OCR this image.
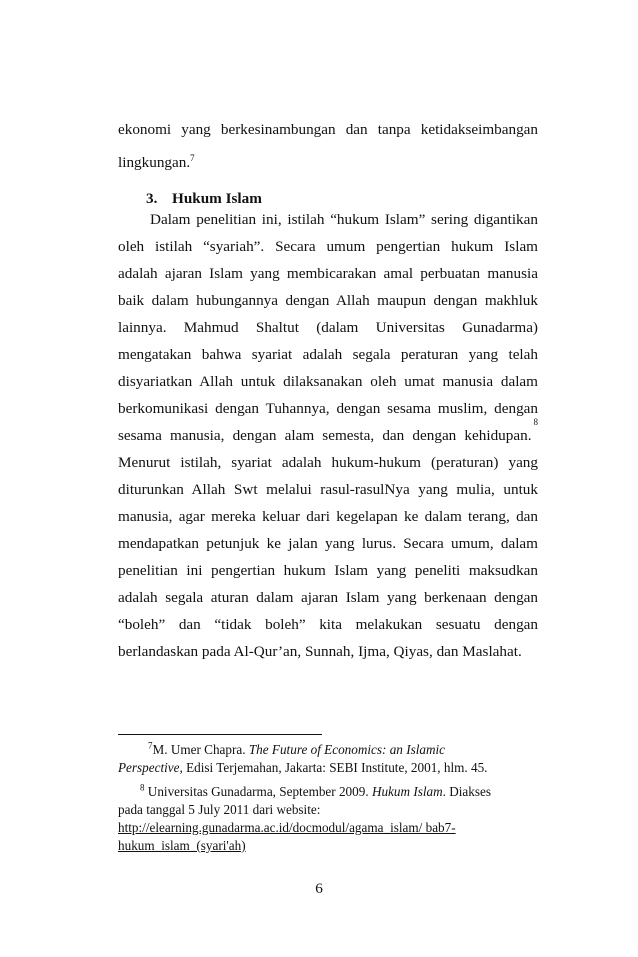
ekonomi yang berkesinambungan dan tanpa ketidakseimbangan
lingkungan.$^7$
3. Hukum Islam
Dalam penelitian ini, istilah “hukum Islam” sering digantikan
oleh istilah “syariah”. Secara umum pengertian hukum Islam
adalah ajaran Islam yang membicarakan amal perbuatan manusia
baik dalam hubungannya dengan Allah maupun dengan makhluk
lainnya. Mahmud Shaltut (dalam Universitas Gunadarma)
mengatakan bahwa syariat adalah segala peraturan yang telah
disyariatkan Allah untuk dilaksanakan oleh umat manusia dalam
berkomunikasi dengan Tuhannya, dengan sesama muslim, dengan
sesama manusia, dengan alam semesta, dan dengan kehidupan.
8
Menurut istilah, syariat adalah hukum-hukum (peraturan) yang
diturunkan Allah Swt melalui rasul-rasulNya yang mulia, untuk
manusia, agar mereka keluar dari kegelapan ke dalam terang, dan
mendapatkan petunjuk ke jalan yang lurus. Secara umum, dalam
penelitian ini pengertian hukum Islam yang peneliti maksudkan
adalah segala aturan dalam ajaran Islam yang berkenaan dengan
“boleh” dan “tidak boleh” kita melakukan sesuatu dengan
berlandaskan pada Al-Qur’an, Sunnah, Ijma, Qiyas, dan Maslahat.
$^7$M. Umer Chapra. The Future of Economics: an Islamic
Perspective, Edisi Terjemahan, Jakarta: SEBI Institute, 2001, hlm. 45.
$^8$ Universitas Gunadarma, September 2009. Hukum Islam. Diakses
pada tanggal 5 July 2011 dari website:
http://elearning.gunadarma.ac.id/docmodul/agama_islam/ bab7-
hukum_islam_(syari'ah)
6
